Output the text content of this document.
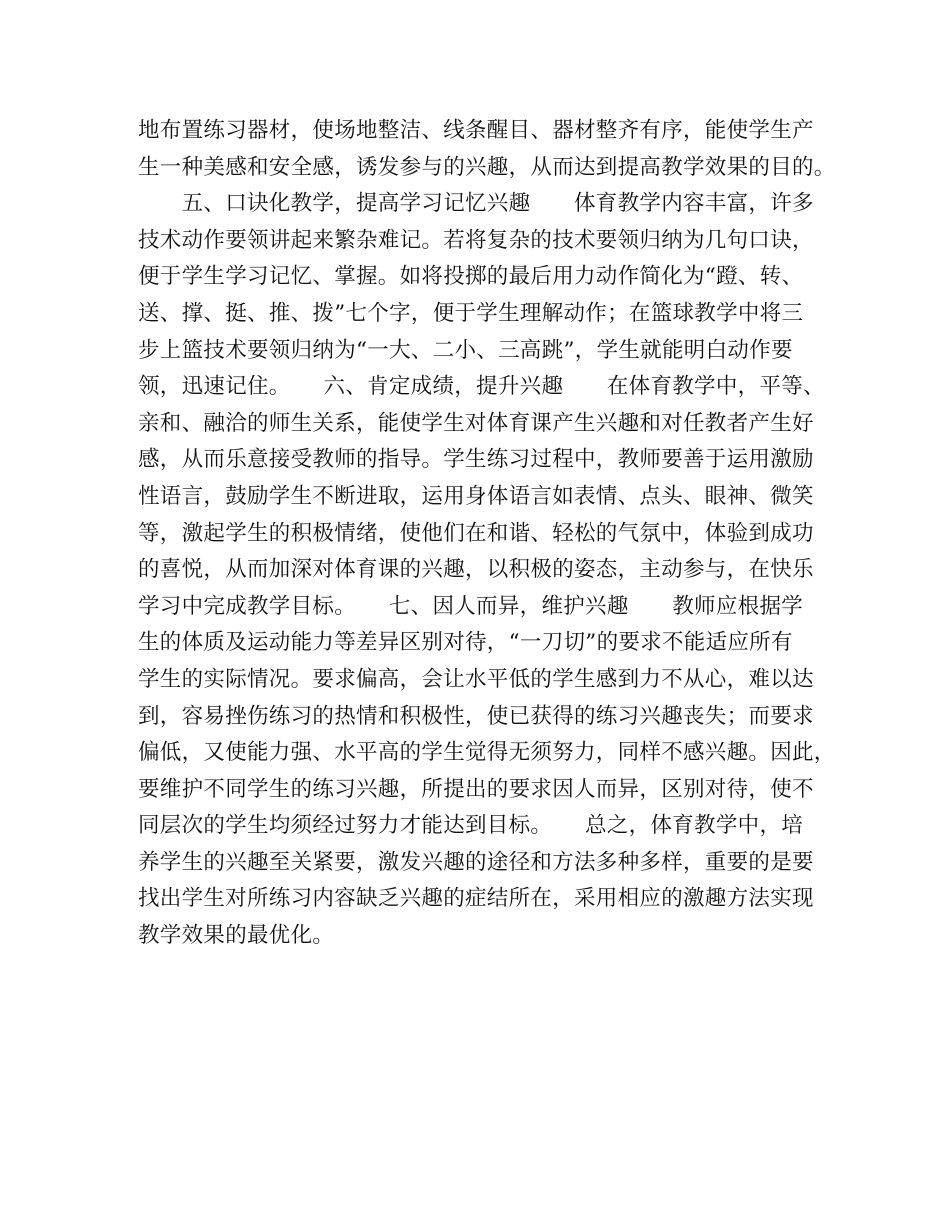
地布置练习器材，使场地整洁、线条醒目、器材整齐有序，能使学生产
生一种美感和安全感，诱发参与的兴趣，从而达到提高教学效果的目的。
　　五、口诀化教学，提高学习记忆兴趣　　体育教学内容丰富，许多
技术动作要领讲起来繁杂难记。若将复杂的技术要领归纳为几句口诀，
便于学生学习记忆、掌握。如将投掷的最后用力动作简化为“蹬、转、
送、撑、挺、推、拨”七个字，便于学生理解动作；在篮球教学中将三
步上篮技术要领归纳为“一大、二小、三高跳”，学生就能明白动作要
领，迅速记住。　　六、肯定成绩，提升兴趣　　在体育教学中，平等、
亲和、融洽的师生关系，能使学生对体育课产生兴趣和对任教者产生好
感，从而乐意接受教师的指导。学生练习过程中，教师要善于运用激励
性语言，鼓励学生不断进取，运用身体语言如表情、点头、眼神、微笑
等，激起学生的积极情绪，使他们在和谐、轻松的气氛中，体验到成功
的喜悦，从而加深对体育课的兴趣，以积极的姿态，主动参与，在快乐
学习中完成教学目标。　　七、因人而异，维护兴趣　　教师应根据学
生的体质及运动能力等差异区别对待，“一刀切”的要求不能适应所有
学生的实际情况。要求偏高，会让水平低的学生感到力不从心，难以达
到，容易挫伤练习的热情和积极性，使已获得的练习兴趣丧失；而要求
偏低，又使能力强、水平高的学生觉得无须努力，同样不感兴趣。因此，
要维护不同学生的练习兴趣，所提出的要求因人而异，区别对待，使不
同层次的学生均须经过努力才能达到目标。　　总之，体育教学中，培
养学生的兴趣至关紧要，激发兴趣的途径和方法多种多样，重要的是要
找出学生对所练习内容缺乏兴趣的症结所在，采用相应的激趣方法实现
教学效果的最优化。
